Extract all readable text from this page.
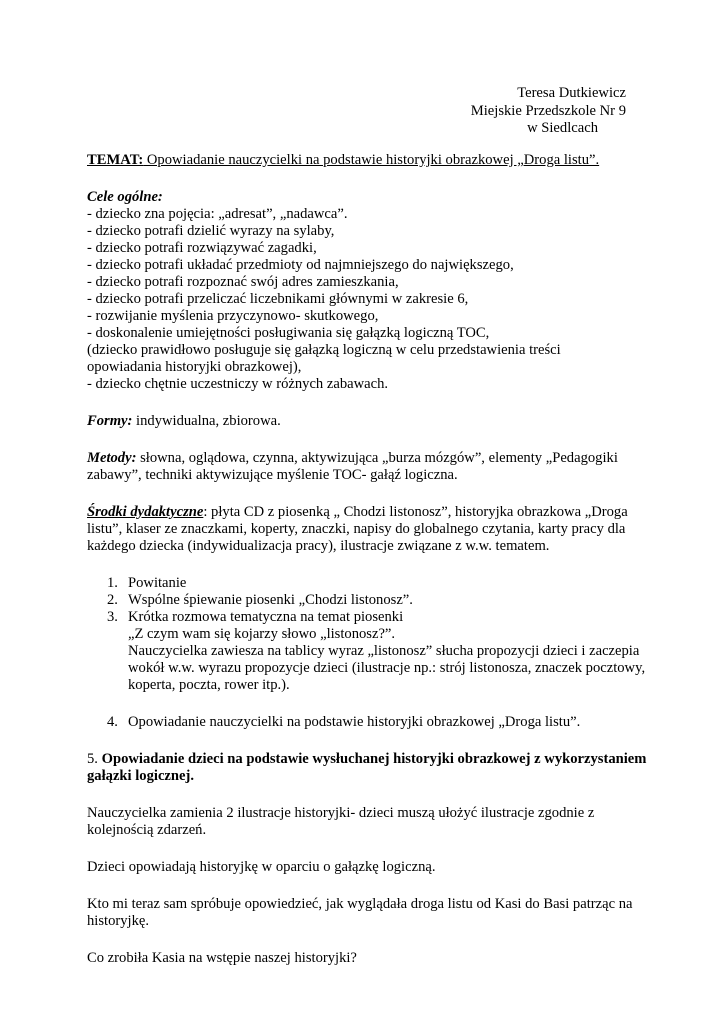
Teresa Dutkiewicz
Miejskie Przedszkole Nr 9
w Siedlcach

TEMAT: Opowiadanie nauczycielki na podstawie historyjki obrazkowej „Droga listu”.

Cele ogólne:

- dziecko zna pojęcia: „adresat”, „nadawca”.
- dziecko potrafi dzielić wyrazy na sylaby,
- dziecko potrafi rozwiązywać zagadki,
- dziecko potrafi układać przedmioty od najmniejszego do największego,
- dziecko potrafi rozpoznać swój adres zamieszkania,
- dziecko potrafi przeliczać liczebnikami głównymi w zakresie 6,
- rozwijanie myślenia przyczynowo- skutkowego,
- doskonalenie umiejętności posługiwania się gałązką logiczną TOC,
(dziecko prawidłowo posługuje się gałązką logiczną w celu przedstawienia treści
opowiadania historyjki obrazkowej),
- dziecko chętnie uczestniczy w różnych zabawach.

Formy: indywidualna, zbiorowa.

Metody: słowna, oglądowa, czynna, aktywizująca „burza mózgów”, elementy „Pedagogiki zabawy”, techniki aktywizujące myślenie TOC- gałąź logiczna.

Środki dydaktyczne: płyta CD z piosenką „ Chodzi listonosz”, historyjka obrazkowa „Droga listu”, klaser ze znaczkami, koperty, znaczki, napisy do globalnego czytania, karty pracy dla każdego dziecka (indywidualizacja pracy), ilustracje związane z w.w. tematem.

1. Powitanie
2. Wspólne śpiewanie piosenki „Chodzi listonosz”.
3. Krótka rozmowa tematyczna na temat piosenki

„Z czym wam się kojarzy słowo „listonosz?”.

Nauczycielka zawiesza na tablicy wyraz „listonosz” słucha propozycji dzieci i zaczepia wokół w.w. wyrazu propozycje dzieci (ilustracje np.: strój listonosza, znaczek pocztowy, koperta, poczta, rower itp.).

4. Opowiadanie nauczycielki na podstawie historyjki obrazkowej „Droga listu”.

5. Opowiadanie dzieci na podstawie wysłuchanej historyjki obrazkowej z wykorzystaniem gałązki logicznej.

Nauczycielka zamienia 2 ilustracje historyjki- dzieci muszą ułożyć ilustracje zgodnie z kolejnością zdarzeń.

Dzieci opowiadają historyjkę w oparciu o gałązkę logiczną.

Kto mi teraz sam spróbuje opowiedzieć, jak wyglądała droga listu od Kasi do Basi patrząc na historyjkę.

Co zrobiła Kasia na wstępie naszej historyjki?
